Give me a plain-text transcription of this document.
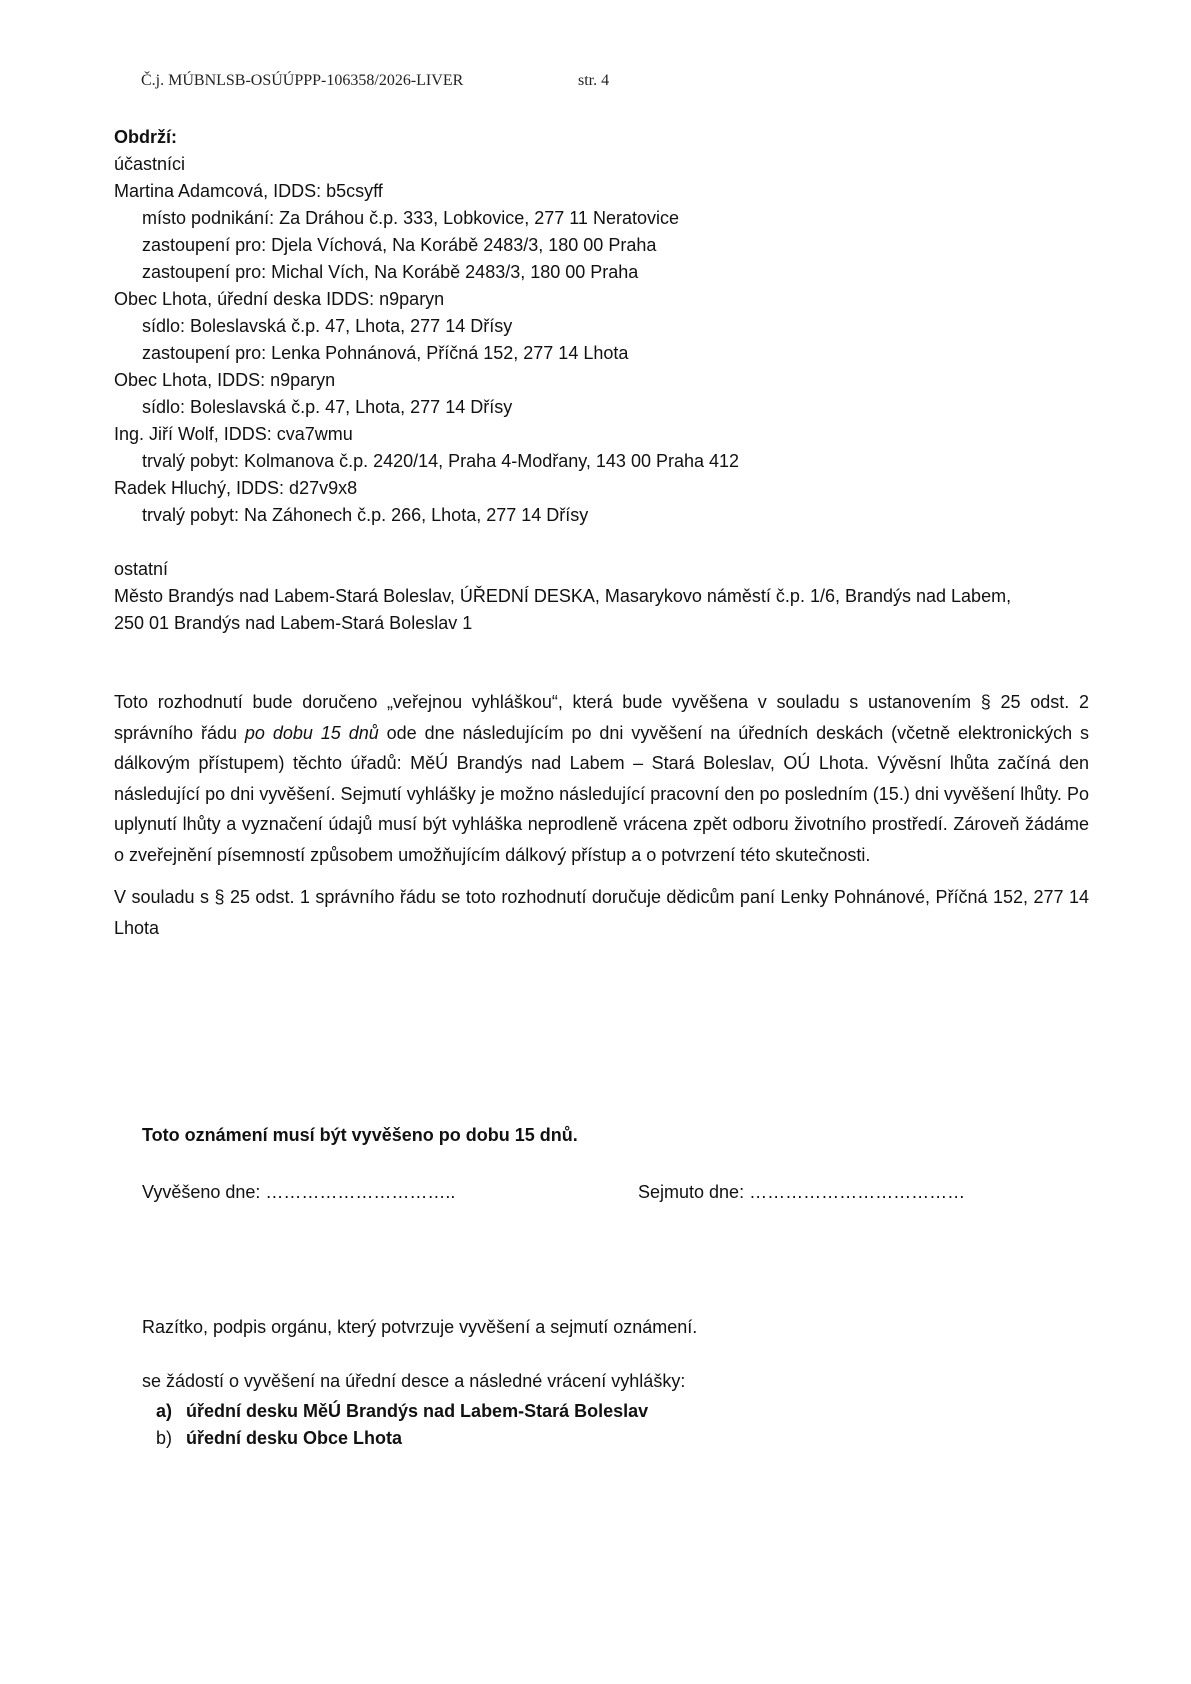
Č.j. MÚBNLSB-OSÚÚPPP-106358/2026-LIVER	str. 4
Obdrží:
účastníci
Martina Adamcová, IDDS: b5csyff
místo podnikání: Za Dráhou č.p. 333, Lobkovice, 277 11 Neratovice
zastoupení pro: Djela Víchová, Na Korábě 2483/3, 180 00 Praha
zastoupení pro: Michal Vích, Na Korábě 2483/3, 180 00 Praha
Obec Lhota, úřední deska IDDS: n9paryn
sídlo: Boleslavská č.p. 47, Lhota, 277 14 Dřísy
zastoupení pro: Lenka Pohnánová, Příčná 152, 277 14 Lhota
Obec Lhota, IDDS: n9paryn
sídlo: Boleslavská č.p. 47, Lhota, 277 14 Dřísy
Ing. Jiří Wolf, IDDS: cva7wmu
trvalý pobyt: Kolmanova č.p. 2420/14, Praha 4-Modřany, 143 00 Praha 412
Radek Hluchý, IDDS: d27v9x8
trvalý pobyt: Na Záhonech č.p. 266, Lhota, 277 14 Dřísy
ostatní
Město Brandýs nad Labem-Stará Boleslav, ÚŘEDNÍ DESKA, Masarykovo náměstí č.p. 1/6, Brandýs nad Labem,
250 01 Brandýs nad Labem-Stará Boleslav 1
Toto rozhodnutí bude doručeno „veřejnou vyhláškou“, která bude vyvěšena v souladu s ustanovením § 25 odst. 2 správního řádu po dobu 15 dnů ode dne následujícím po dni vyvěšení na úředních deskách (včetně elektronických s dálkovým přístupem) těchto úřadů: MěÚ Brandýs nad Labem – Stará Boleslav, OÚ Lhota. Vývěsní lhůta začíná den následující po dni vyvěšení. Sejmutí vyhlášky je možno následující pracovní den po posledním (15.) dni vyvěšení lhůty. Po uplynutí lhůty a vyznačení údajů musí být vyhláška neprodleně vrácena zpět odboru životního prostředí. Zároveň žádáme o zveřejnění písemností způsobem umožňujícím dálkový přístup a o potvrzení této skutečnosti.
V souladu s § 25 odst. 1 správního řádu se toto rozhodnutí doručuje dědicům paní Lenky Pohnánové, Příčná 152, 277 14 Lhota
Toto oznámení musí být vyvěšeno po dobu 15 dnů.
Vyvěšeno dne: …………………………..	Sejmuto dne: ………………………………
Razítko, podpis orgánu, který potvrzuje vyvěšení a sejmutí oznámení.
se žádostí o vyvěšení na úřední desce a následné vrácení vyhlášky:
a) úřední desku MěÚ Brandýs nad Labem-Stará Boleslav
b) úřední desku Obce Lhota
